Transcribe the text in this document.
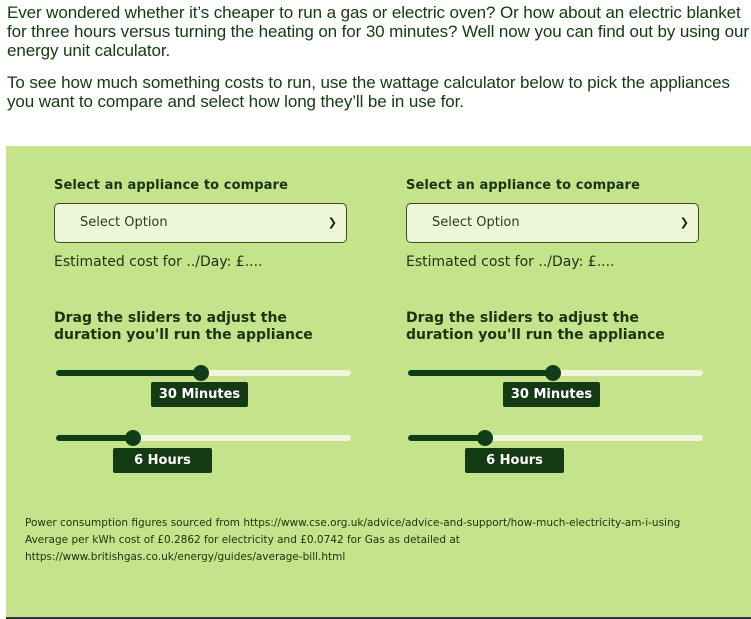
Ever wondered whether it’s cheaper to run a gas or electric oven? Or how about an electric blanket for three hours versus turning the heating on for 30 minutes? Well now you can find out by using our energy unit calculator.

To see how much something costs to run, use the wattage calculator below to pick the appliances you want to compare and select how long they’ll be in use for.

Select an appliance to compare
Select Option	❯
Estimated cost for ../Day: £....
Drag the sliders to adjust the duration you'll run the appliance
30 Minutes
6 Hours
Select an appliance to compare
Select Option	❯
Estimated cost for ../Day: £....
Drag the sliders to adjust the duration you'll run the appliance
30 Minutes
6 Hours
Power consumption figures sourced from https://www.cse.org.uk/advice/advice-and-support/how-much-electricity-am-i-using
Average per kWh cost of £0.2862 for electricity and £0.0742 for Gas as detailed at
https://www.britishgas.co.uk/energy/guides/average-bill.html
